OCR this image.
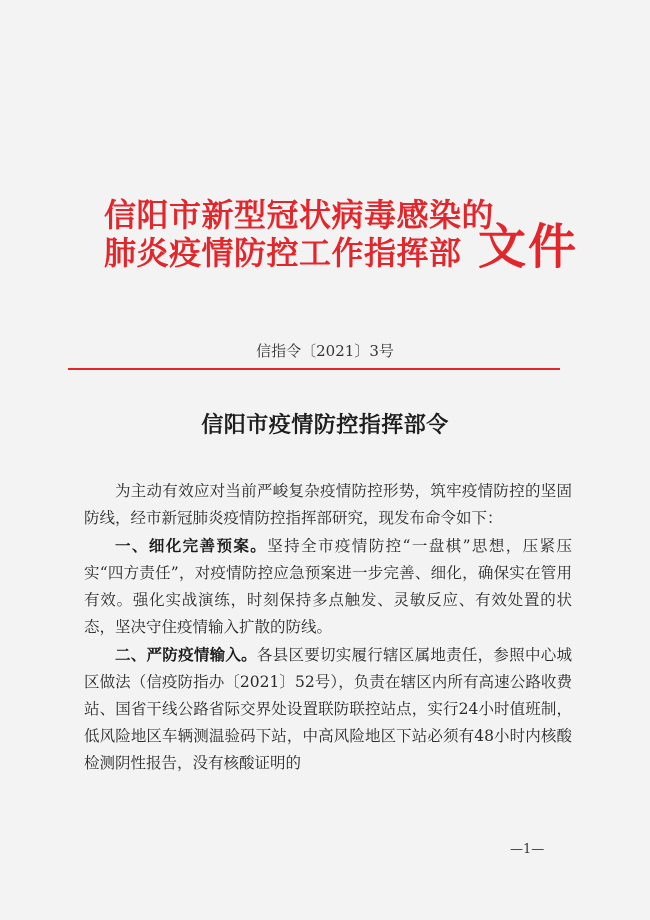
信阳市新型冠状病毒感染的
肺炎疫情防控工作指挥部 文件
信指令〔2021〕3号
信阳市疫情防控指挥部令

为主动有效应对当前严峻复杂疫情防控形势，筑牢疫情防控的坚固防线，经市新冠肺炎疫情防控指挥部研究，现发布命令如下：

一、细化完善预案。坚持全市疫情防控“一盘棋”思想，压紧压实“四方责任”，对疫情防控应急预案进一步完善、细化，确保实在管用有效。强化实战演练，时刻保持多点触发、灵敏反应、有效处置的状态，坚决守住疫情输入扩散的防线。

二、严防疫情输入。各县区要切实履行辖区属地责任，参照中心城区做法（信疫防指办〔2021〕52号），负责在辖区内所有高速公路收费站、国省干线公路省际交界处设置联防联控站点，实行24小时值班制，低风险地区车辆测温验码下站，中高风险地区下站必须有48小时内核酸检测阴性报告，没有核酸证明的

—1—
